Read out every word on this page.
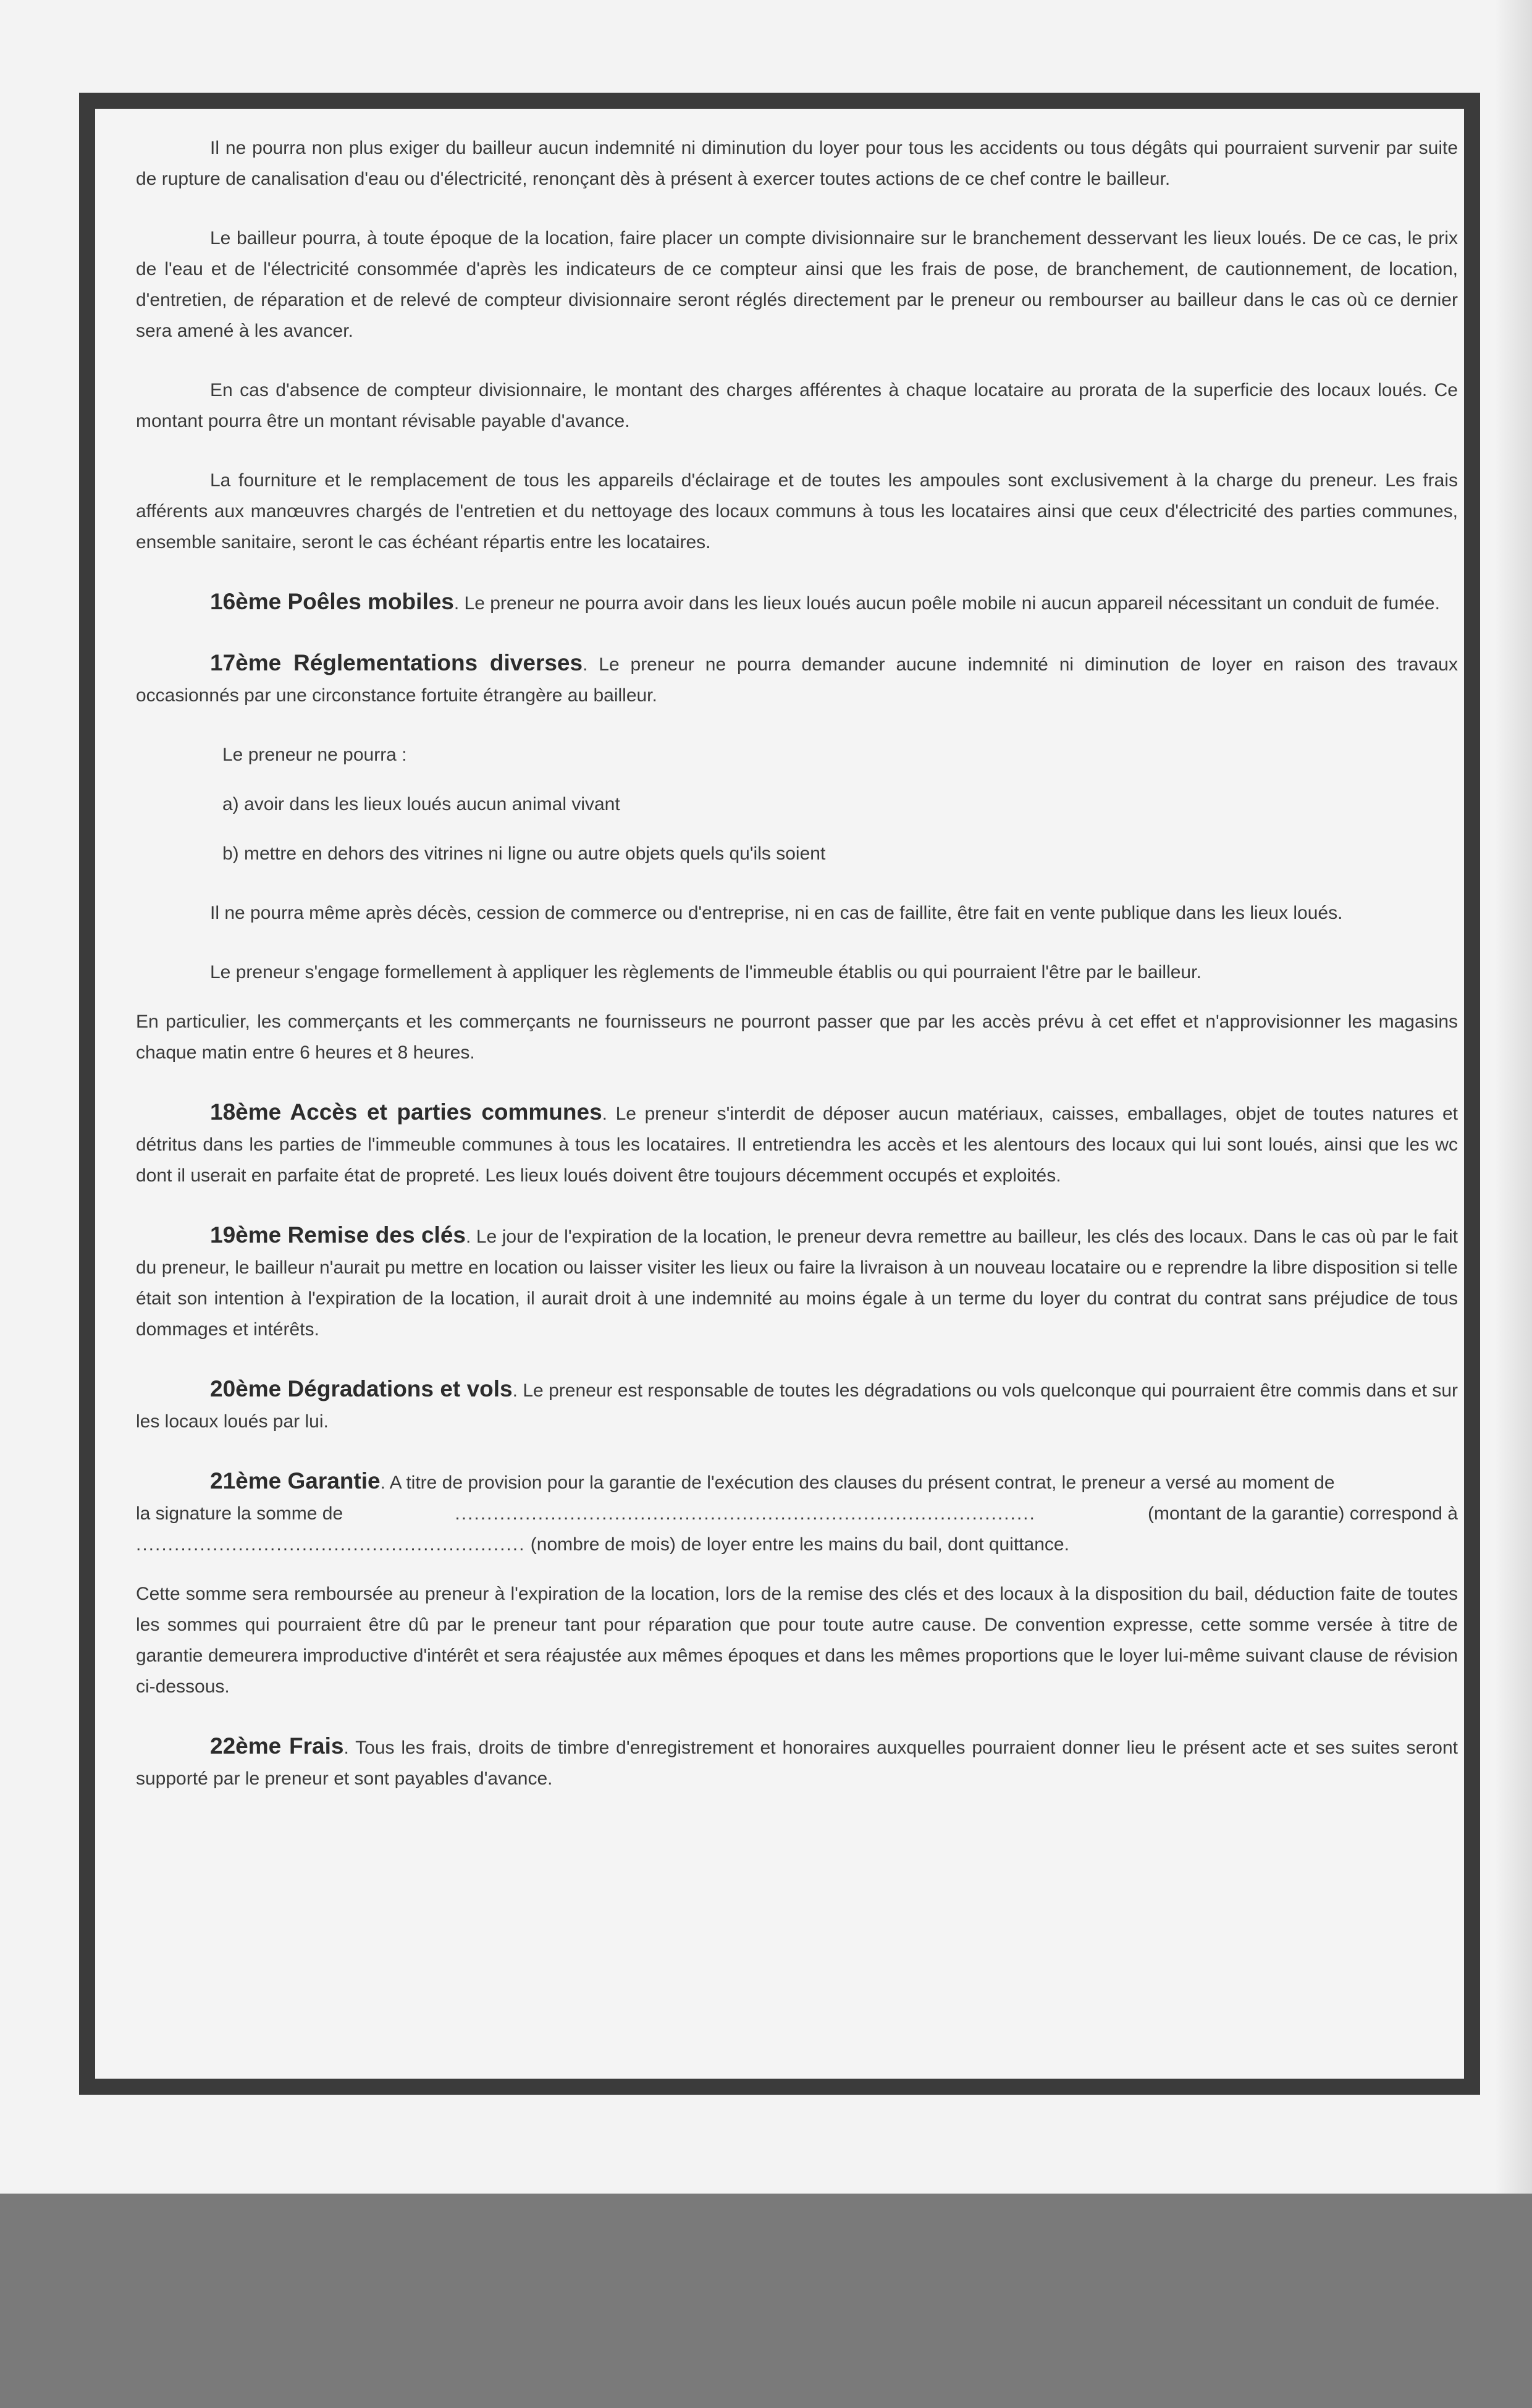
Il ne pourra non plus exiger du bailleur aucun indemnité ni diminution du loyer pour tous les accidents ou tous dégâts qui pourraient survenir par suite de rupture de canalisation d'eau ou d'électricité, renonçant dès à présent à exercer toutes actions de ce chef contre le bailleur.

Le bailleur pourra, à toute époque de la location, faire placer un compte divisionnaire sur le branchement desservant les lieux loués. De ce cas, le prix de l'eau et de l'électricité consommée d'après les indicateurs de ce compteur ainsi que les frais de pose, de branchement, de cautionnement, de location, d'entretien, de réparation et de relevé de compteur divisionnaire seront réglés directement par le preneur ou rembourser au bailleur dans le cas où ce dernier sera amené à les avancer.

En cas d'absence de compteur divisionnaire, le montant des charges afférentes à chaque locataire au prorata de la superficie des locaux loués. Ce montant pourra être un montant révisable payable d'avance.

La fourniture et le remplacement de tous les appareils d'éclairage et de toutes les ampoules sont exclusivement à la charge du preneur. Les frais afférents aux manœuvres chargés de l'entretien et du nettoyage des locaux communs à tous les locataires ainsi que ceux d'électricité des parties communes, ensemble sanitaire, seront le cas échéant répartis entre les locataires.

16ème Poêles mobiles. Le preneur ne pourra avoir dans les lieux loués aucun poêle mobile ni aucun appareil nécessitant un conduit de fumée.

17ème Réglementations diverses. Le preneur ne pourra demander aucune indemnité ni diminution de loyer en raison des travaux occasionnés par une circonstance fortuite étrangère au bailleur.

Le preneur ne pourra :

a) avoir dans les lieux loués aucun animal vivant

b) mettre en dehors des vitrines ni ligne ou autre objets quels qu'ils soient

Il ne pourra même après décès, cession de commerce ou d'entreprise, ni en cas de faillite, être fait en vente publique dans les lieux loués.

Le preneur s'engage formellement à appliquer les règlements de l'immeuble établis ou qui pourraient l'être par le bailleur.

En particulier, les commerçants et les commerçants ne fournisseurs ne pourront passer que par les accès prévu à cet effet et n'approvisionner les magasins chaque matin entre 6 heures et 8 heures.

18ème Accès et parties communes. Le preneur s'interdit de déposer aucun matériaux, caisses, emballages, objet de toutes natures et détritus dans les parties de l'immeuble communes à tous les locataires. Il entretiendra les accès et les alentours des locaux qui lui sont loués, ainsi que les wc dont il userait en parfaite état de propreté. Les lieux loués doivent être toujours décemment occupés et exploités.

19ème Remise des clés. Le jour de l'expiration de la location, le preneur devra remettre au bailleur, les clés des locaux. Dans le cas où par le fait du preneur, le bailleur n'aurait pu mettre en location ou laisser visiter les lieux ou faire la livraison à un nouveau locataire ou e reprendre la libre disposition si telle était son intention à l'expiration de la location, il aurait droit à une indemnité au moins égale à un terme du loyer du contrat du contrat sans préjudice de tous dommages et intérêts.

20ème Dégradations et vols. Le preneur est responsable de toutes les dégradations ou vols quelconque qui pourraient être commis dans et sur les locaux loués par lui.

21ème Garantie. A titre de provision pour la garantie de l'exécution des clauses du présent contrat, le preneur a versé au moment de
la signature la somme de	...........................................................................................	(montant de la garantie) correspond à
............................................................. (nombre de mois) de loyer entre les mains du bail, dont quittance.

Cette somme sera remboursée au preneur à l'expiration de la location, lors de la remise des clés et des locaux à la disposition du bail, déduction faite de toutes les sommes qui pourraient être dû par le preneur tant pour réparation que pour toute autre cause. De convention expresse, cette somme versée à titre de garantie demeurera improductive d'intérêt et sera réajustée aux mêmes époques et dans les mêmes proportions que le loyer lui-même suivant clause de révision ci-dessous.

22ème Frais. Tous les frais, droits de timbre d'enregistrement et honoraires auxquelles pourraient donner lieu le présent acte et ses suites seront supporté par le preneur et sont payables d'avance.
